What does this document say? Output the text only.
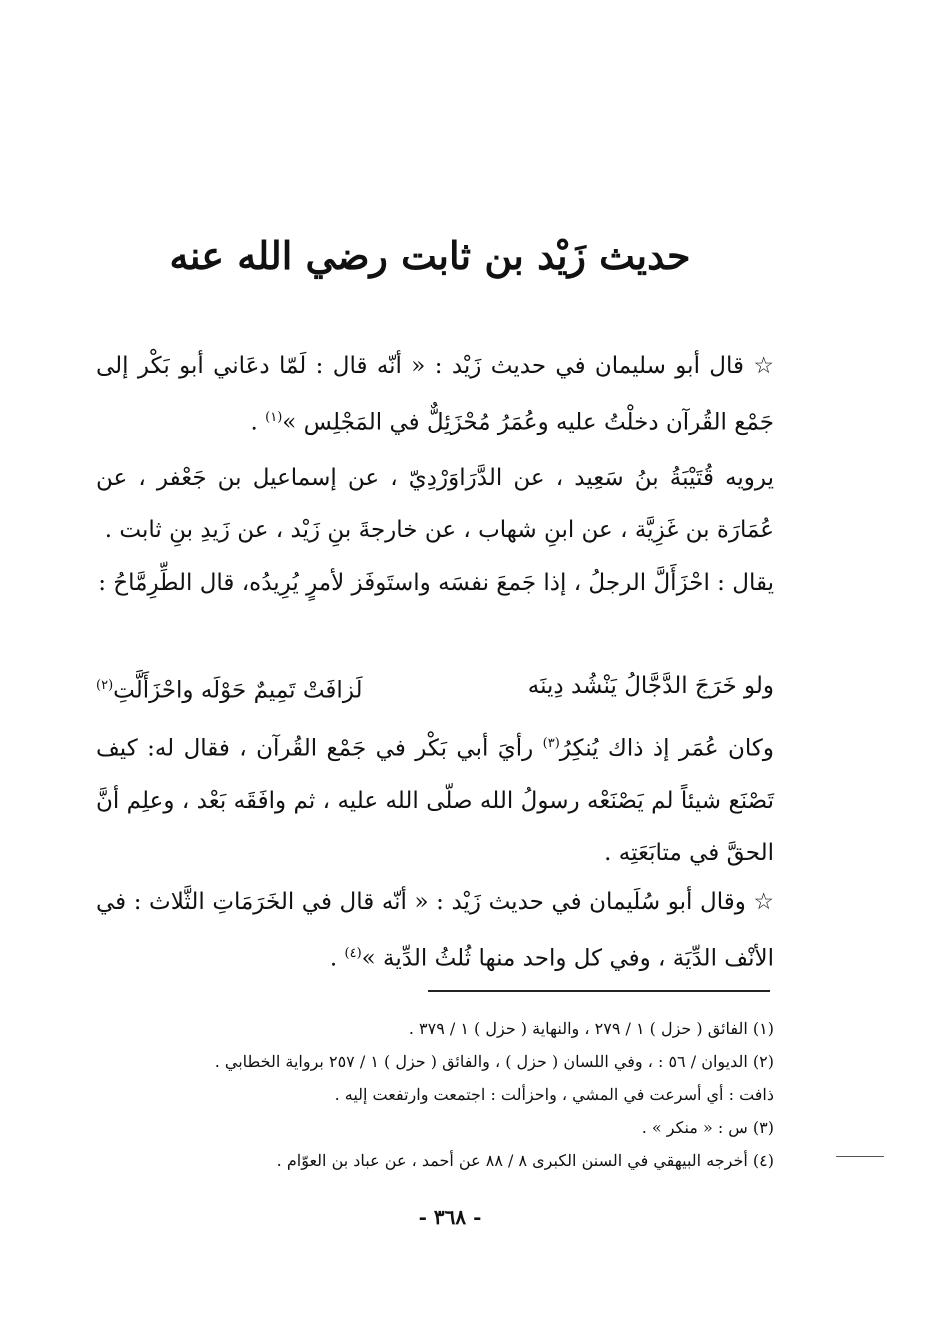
حديث زَيْد بن ثابت رضي الله عنه
☆ قال أبو سليمان في حديث زَيْد : « أنّه قال : لَمّا دعَاني أبو بَكْر إلى جَمْع القُرآن دخلْتُ عليه وعُمَرُ مُحْزَئِلٌّ في المَجْلِس »$^{(١)}$ .
يرويه قُتَيْبَةُ بنُ سَعِيد ، عن الدَّرَاوَرْدِيّ ، عن إسماعيل بن جَعْفر ، عن عُمَارَة بن غَزِيَّة ، عن ابنِ شهاب ، عن خارجةَ بنِ زَيْد ، عن زَيدِ بنِ ثابت .
يقال : احْزَأَلَّ الرجلُ ، إذا جَمعَ نفسَه واستَوفَز لأمرٍ يُرِيدُه، قال الطِّرِمَّاحُ :
ولو خَرَجَ الدَّجَّالُ يَنْشُد دِينَه
لَزافَتْ تَمِيمٌ حَوْلَه واحْزَأَلَّتِ$^{(٢)}$
وكان عُمَر إذ ذاك يُنكِرُ$^{(٣)}$ رأيَ أبي بَكْر في جَمْع القُرآن ، فقال له: كيف تَصْنَع شيئاً لم يَصْنَعْه رسولُ الله صلّى الله عليه ، ثم وافَقَه بَعْد ، وعلِم أنَّ الحقَّ في متابَعَتِه .
☆ وقال أبو سُلَيمان في حديث زَيْد : « أنّه قال في الخَرَمَاتِ الثَّلاث : في الأنْف الدِّيَة ، وفي كل واحد منها ثُلثُ الدِّية »$^{(٤)}$ .
(١) الفائق ( حزل ) ١ / ٢٧٩ ، والنهاية ( حزل ) ١ / ٣٧٩ .
(٢) الديوان / ٥٦ : ، وفي اللسان ( حزل ) ، والفائق ( حزل ) ١ / ٢٥٧ برواية الخطابي .
ذافت : أي أسرعت في المشي ، واحزألت : اجتمعت وارتفعت إليه .
(٣) س : « منكر » .
(٤) أخرجه البيهقي في السنن الكبرى ٨ / ٨٨ عن أحمد ، عن عباد بن العوّام .
- ٣٦٨ -
